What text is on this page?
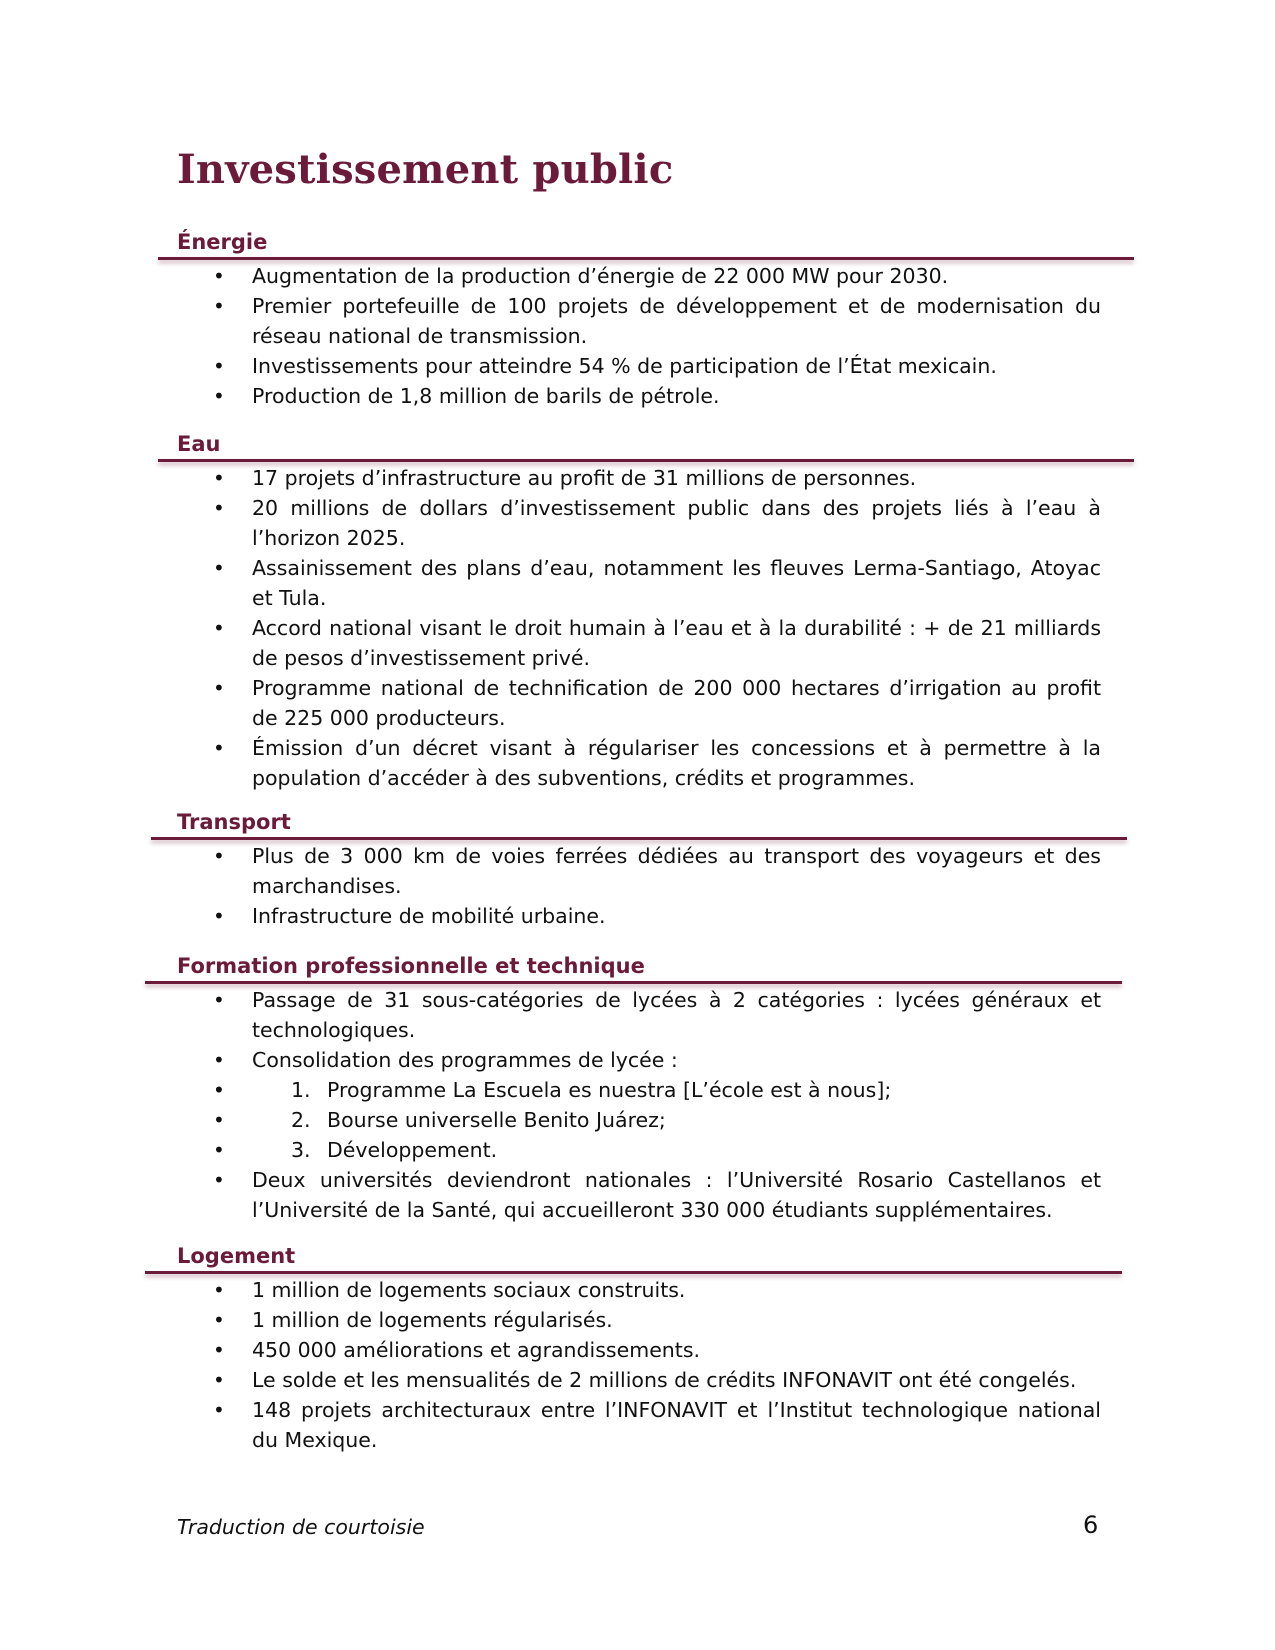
Investissement public
Énergie
• Augmentation de la production d’énergie de 22 000 MW pour 2030.
• Premier portefeuille de 100 projets de développement et de modernisation du réseau national de transmission.
• Investissements pour atteindre 54 % de participation de l’État mexicain.
• Production de 1,8 million de barils de pétrole.
Eau
• 17 projets d’infrastructure au profit de 31 millions de personnes.
• 20 millions de dollars d’investissement public dans des projets liés à l’eau à l’horizon 2025.
• Assainissement des plans d’eau, notamment les fleuves Lerma-Santiago, Atoyac et Tula.
• Accord national visant le droit humain à l’eau et à la durabilité : + de 21 milliards de pesos d’investissement privé.
• Programme national de technification de 200 000 hectares d’irrigation au profit de 225 000 producteurs.
• Émission d’un décret visant à régulariser les concessions et à permettre à la population d’accéder à des subventions, crédits et programmes.
Transport
• Plus de 3 000 km de voies ferrées dédiées au transport des voyageurs et des marchandises.
• Infrastructure de mobilité urbaine.
Formation professionnelle et technique
• Passage de 31 sous-catégories de lycées à 2 catégories : lycées généraux et technologiques.
• Consolidation des programmes de lycée :
• • 1. Programme La Escuela es nuestra [L’école est à nous];
• 2. Bourse universelle Benito Juárez;
• 3. Développement.
• Deux universités deviendront nationales : l’Université Rosario Castellanos et l’Université de la Santé, qui accueilleront 330 000 étudiants supplémentaires.
Logement
• 1 million de logements sociaux construits.
• 1 million de logements régularisés.
• 450 000 améliorations et agrandissements.
• Le solde et les mensualités de 2 millions de crédits INFONAVIT ont été congelés.
• 148 projets architecturaux entre l’INFONAVIT et l’Institut technologique national du Mexique.
Traduction de courtoisie	6
